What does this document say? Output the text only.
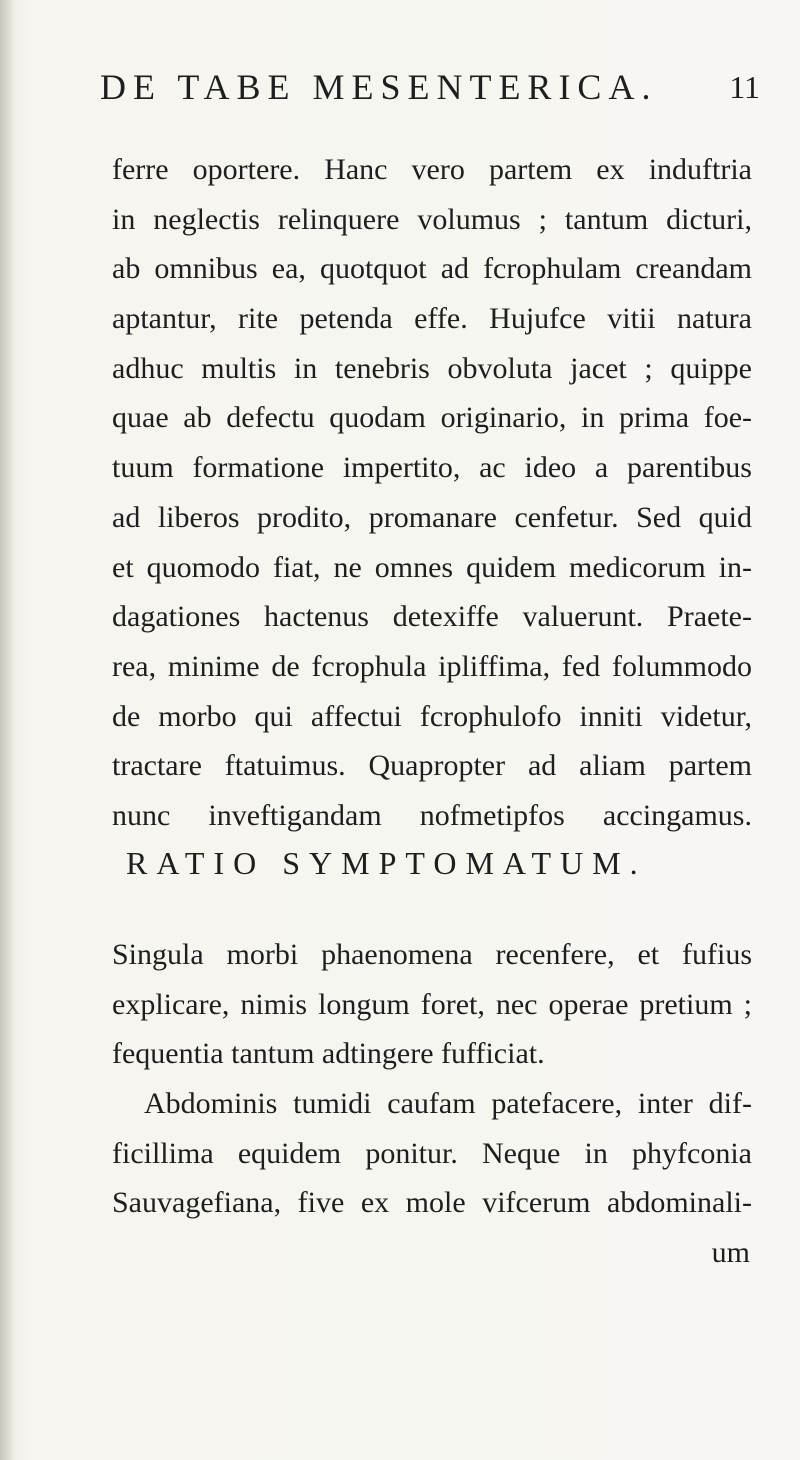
DE TABE MESENTERICA. 11
ferre oportere. Hanc vero partem ex induftria
in neglectis relinquere volumus ; tantum dicturi,
ab omnibus ea, quotquot ad fcrophulam creandam
aptantur, rite petenda effe. Hujufce vitii natura
adhuc multis in tenebris obvoluta jacet ; quippe
quae ab defectu quodam originario, in prima foe-
tuum formatione impertito, ac ideo a parentibus
ad liberos prodito, promanare cenfetur. Sed quid
et quomodo fiat, ne omnes quidem medicorum in-
dagationes hactenus detexiffe valuerunt. Praete-
rea, minime de fcrophula ipliffima, fed folummodo
de morbo qui affectui fcrophulofo inniti videtur,
tractare ftatuimus. Quapropter ad aliam partem
nunc inveftigandam nofmetipfos accingamus.
RATIO SYMPTOMATUM.
Singula morbi phaenomena recenfere, et fufius
explicare, nimis longum foret, nec operae pretium ;
fequentia tantum adtingere fufficiat.
Abdominis tumidi caufam patefacere, inter dif-
ficillima equidem ponitur. Neque in phyfconia
Sauvagefiana, five ex mole vifcerum abdominali-
um
